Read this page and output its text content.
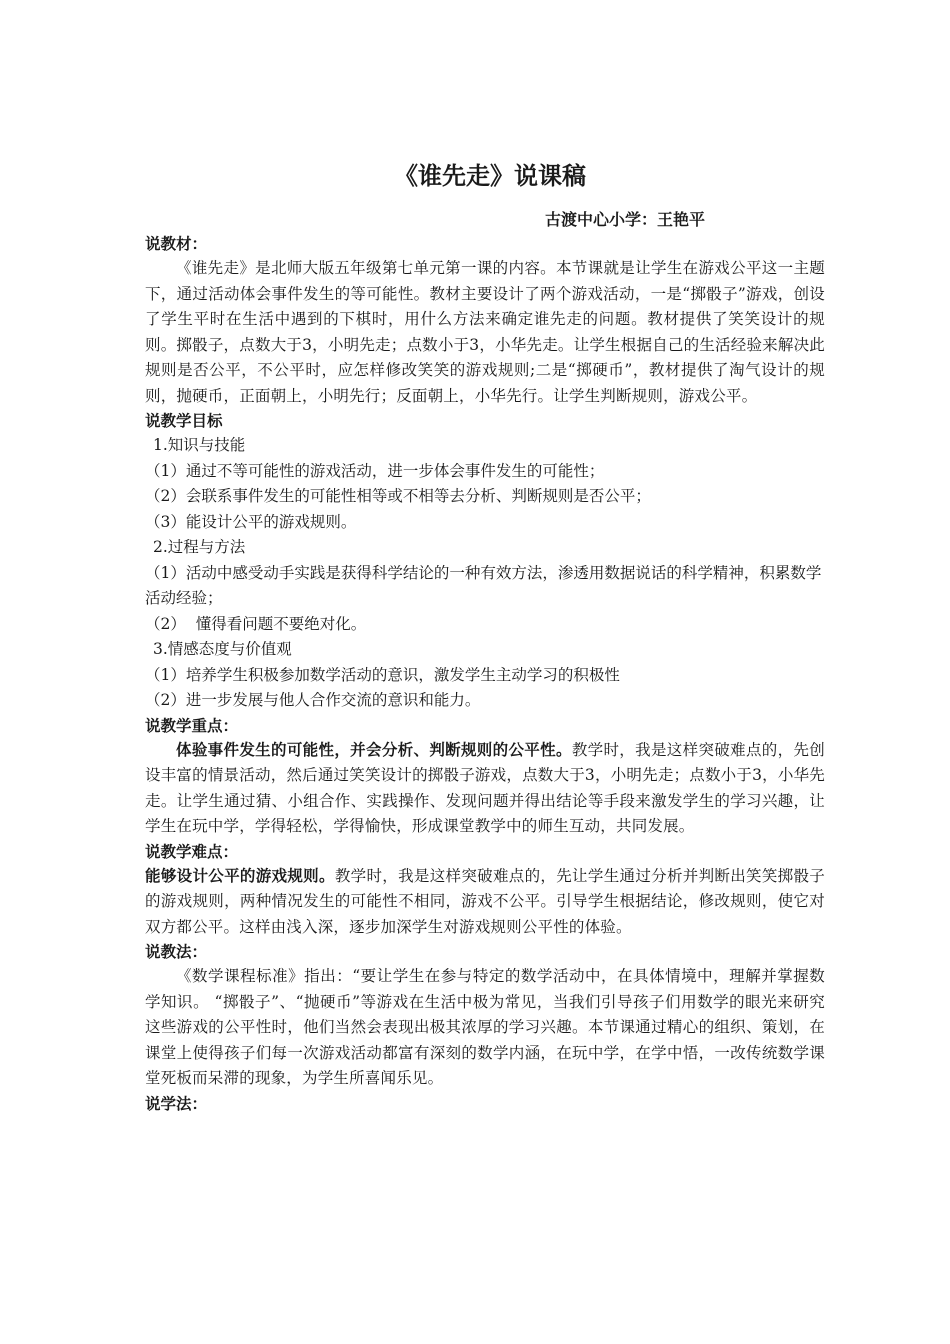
《谁先走》说课稿
古渡中心小学：王艳平
说教材：

《谁先走》是北师大版五年级第七单元第一课的内容。本节课就是让学生在游戏公平这一主题下，通过活动体会事件发生的等可能性。教材主要设计了两个游戏活动，一是“掷骰子”游戏，创设了学生平时在生活中遇到的下棋时，用什么方法来确定谁先走的问题。教材提供了笑笑设计的规则。掷骰子，点数大于3，小明先走；点数小于3，小华先走。让学生根据自己的生活经验来解决此规则是否公平，不公平时，应怎样修改笑笑的游戏规则;二是“掷硬币”，教材提供了淘气设计的规则，抛硬币，正面朝上，小明先行；反面朝上，小华先行。让学生判断规则，游戏公平。

说教学目标

1.知识与技能

（1）通过不等可能性的游戏活动，进一步体会事件发生的可能性；

（2）会联系事件发生的可能性相等或不相等去分析、判断规则是否公平；

（3）能设计公平的游戏规则。

2.过程与方法

（1）活动中感受动手实践是获得科学结论的一种有效方法，渗透用数据说话的科学精神，积累数学活动经验；

（2）  懂得看问题不要绝对化。

3.情感态度与价值观

（1）培养学生积极参加数学活动的意识，激发学生主动学习的积极性

（2）进一步发展与他人合作交流的意识和能力。

说教学重点：

体验事件发生的可能性，并会分析、判断规则的公平性。教学时，我是这样突破难点的，先创设丰富的情景活动，然后通过笑笑设计的掷骰子游戏，点数大于3，小明先走；点数小于3，小华先走。让学生通过猜、小组合作、实践操作、发现问题并得出结论等手段来激发学生的学习兴趣，让学生在玩中学，学得轻松，学得愉快，形成课堂教学中的师生互动，共同发展。

说教学难点：

能够设计公平的游戏规则。教学时，我是这样突破难点的，先让学生通过分析并判断出笑笑掷骰子的游戏规则，两种情况发生的可能性不相同，游戏不公平。引导学生根据结论，修改规则，使它对双方都公平。这样由浅入深，逐步加深学生对游戏规则公平性的体验。

说教法：

《数学课程标准》指出：“要让学生在参与特定的数学活动中，在具体情境中，理解并掌握数学知识。 “掷骰子”、“抛硬币”等游戏在生活中极为常见，当我们引导孩子们用数学的眼光来研究这些游戏的公平性时，他们当然会表现出极其浓厚的学习兴趣。本节课通过精心的组织、策划，在课堂上使得孩子们每一次游戏活动都富有深刻的数学内涵，在玩中学，在学中悟，一改传统数学课堂死板而呆滞的现象，为学生所喜闻乐见。

说学法：
